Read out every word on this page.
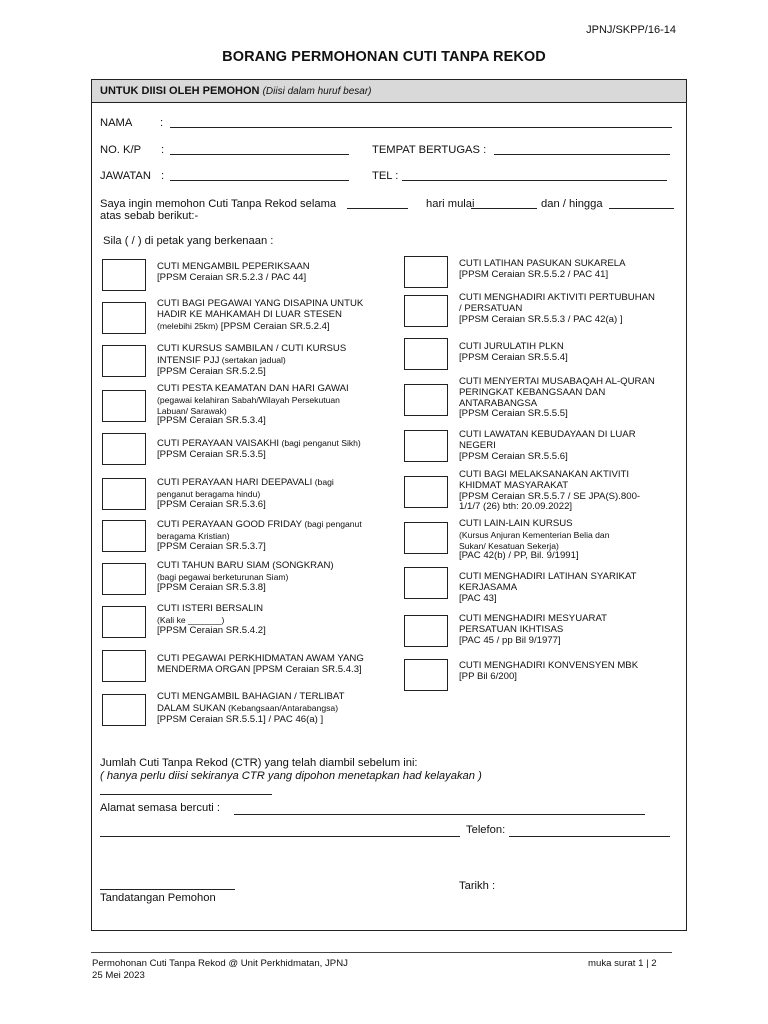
JPNJ/SKPP/16-14
BORANG PERMOHONAN CUTI TANPA REKOD
UNTUK DIISI OLEH PEMOHON (Diisi dalam huruf besar)
NAMA :
NO. K/P :	TEMPAT BERTUGAS :
JAWATAN :	TEL :
Saya ingin memohon Cuti Tanpa Rekod selama	hari mulai	dan / hingga
atas sebab berikut:-
Sila ( / ) di petak yang berkenaan :
CUTI MENGAMBIL PEPERIKSAAN
[PPSM Ceraian SR.5.2.3 / PAC 44]
CUTI BAGI PEGAWAI YANG DISAPINA UNTUK
HADIR KE MAHKAMAH DI LUAR STESEN
(melebihi 25km) [PPSM Ceraian SR.5.2.4]
CUTI KURSUS SAMBILAN / CUTI KURSUS
INTENSIF PJJ (sertakan jadual)
[PPSM Ceraian SR.5.2.5]
CUTI PESTA KEAMATAN DAN HARI GAWAI
(pegawai kelahiran Sabah/Wilayah Persekutuan
Labuan/ Sarawak)
[PPSM Ceraian SR.5.3.4]
CUTI PERAYAAN VAISAKHI (bagi penganut Sikh)
[PPSM Ceraian SR.5.3.5]
CUTI PERAYAAN HARI DEEPAVALI (bagi
penganut beragama hindu)
[PPSM Ceraian SR.5.3.6]
CUTI PERAYAAN GOOD FRIDAY (bagi penganut
beragama Kristian)
[PPSM Ceraian SR.5.3.7]
CUTI TAHUN BARU SIAM (SONGKRAN)
(bagi pegawai berketurunan Siam)
[PPSM Ceraian SR.5.3.8]
CUTI ISTERI BERSALIN
(Kali ke _______)
[PPSM Ceraian SR.5.4.2]
CUTI PEGAWAI PERKHIDMATAN AWAM YANG
MENDERMA ORGAN [PPSM Ceraian SR.5.4.3]
CUTI MENGAMBIL BAHAGIAN / TERLIBAT
DALAM SUKAN (Kebangsaan/Antarabangsa)
[PPSM Ceraian SR.5.5.1] / PAC 46(a) ]
CUTI LATIHAN PASUKAN SUKARELA
[PPSM Ceraian SR.5.5.2 / PAC 41]
CUTI MENGHADIRI AKTIVITI PERTUBUHAN
/ PERSATUAN
[PPSM Ceraian SR.5.5.3 / PAC 42(a) ]
CUTI JURULATIH PLKN
[PPSM Ceraian SR.5.5.4]
CUTI MENYERTAI MUSABAQAH AL-QURAN
PERINGKAT KEBANGSAAN DAN
ANTARABANGSA
[PPSM Ceraian SR.5.5.5]
CUTI LAWATAN KEBUDAYAAN DI LUAR
NEGERI
[PPSM Ceraian SR.5.5.6]
CUTI BAGI MELAKSANAKAN AKTIVITI
KHIDMAT MASYARAKAT
[PPSM Ceraian SR.5.5.7 / SE JPA(S).800-
1/1/7 (26) bth: 20.09.2022]
CUTI LAIN-LAIN KURSUS
(Kursus Anjuran Kementerian Belia dan
Sukan/ Kesatuan Sekerja)
[PAC 42(b) / PP, Bil. 9/1991]
CUTI MENGHADIRI LATIHAN SYARIKAT
KERJASAMA
[PAC 43]
CUTI MENGHADIRI MESYUARAT
PERSATUAN IKHTISAS
[PAC 45 / pp Bil 9/1977]
CUTI MENGHADIRI KONVENSYEN MBK
[PP Bil 6/200]
Jumlah Cuti Tanpa Rekod (CTR) yang telah diambil sebelum ini:
( hanya perlu diisi sekiranya CTR yang dipohon menetapkan had kelayakan )
Alamat semasa bercuti :
Telefon:
Tandatangan Pemohon
Tarikh :
Permohonan Cuti Tanpa Rekod @ Unit Perkhidmatan, JPNJ
25 Mei 2023
muka surat 1 | 2
